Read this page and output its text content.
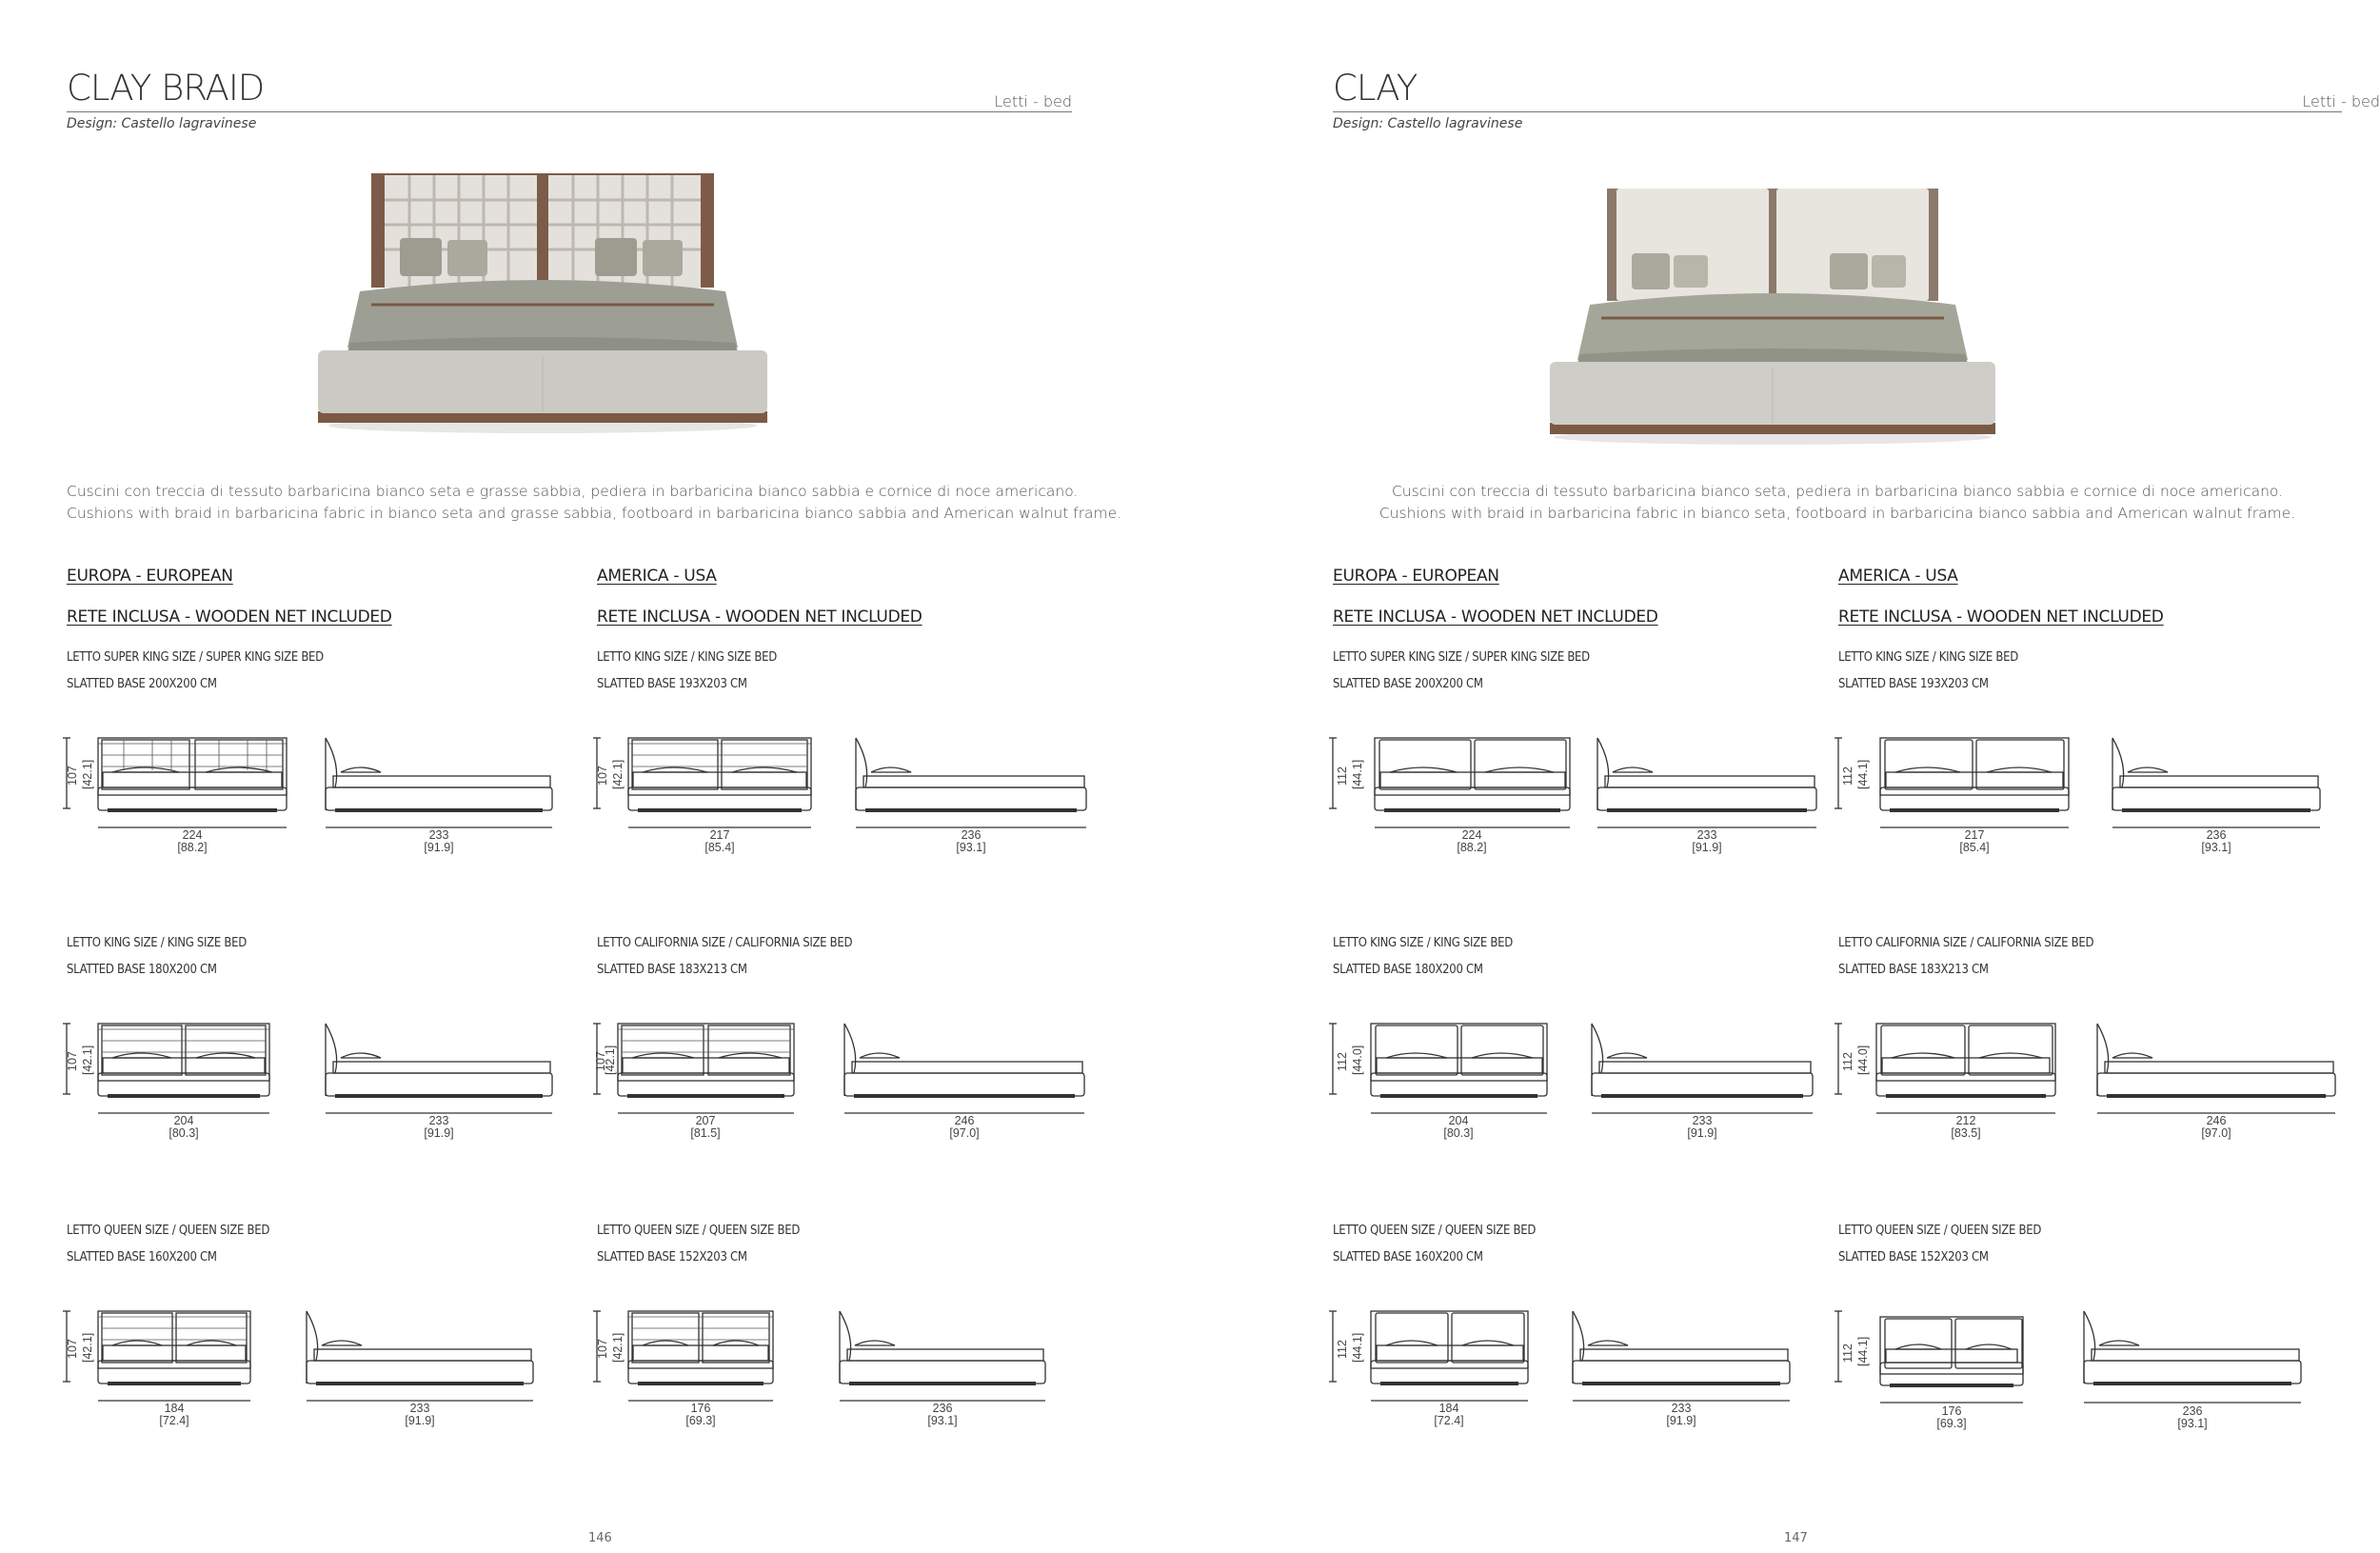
CLAY BRAID	Letti - bed
Design: Castello lagravinese
Cuscini con treccia di tessuto barbaricina bianco seta e grasse sabbia, pediera in barbaricina bianco sabbia e cornice di noce americano.
Cushions with braid in barbaricina fabric in bianco seta and grasse sabbia, footboard in barbaricina bianco sabbia and American walnut frame.
146
EUROPA - EUROPEAN
RETE INCLUSA - WOODEN NET INCLUDED
LETTO SUPER KING SIZE / SUPER KING SIZE BED
SLATTED BASE 200X200 CM
107 [42.1]
224
[88.2]
233
[91.9]
LETTO KING SIZE / KING SIZE BED
SLATTED BASE 180X200 CM
107 [42.1]
204
[80.3]
233
[91.9]
LETTO QUEEN SIZE / QUEEN SIZE BED
SLATTED BASE 160X200 CM
107 [42.1]
184
[72.4]
233
[91.9]
AMERICA - USA
RETE INCLUSA - WOODEN NET INCLUDED
LETTO KING SIZE / KING SIZE BED
SLATTED BASE 193X203 CM
107 [42.1]
217
[85.4]
236
[93.1]
LETTO CALIFORNIA SIZE / CALIFORNIA SIZE BED
SLATTED BASE 183X213 CM
107
[42.1]
207
[81.5]
246
[97.0]
LETTO QUEEN SIZE / QUEEN SIZE BED
SLATTED BASE 152X203 CM
107 [42.1]
176
[69.3]
236
[93.1]
CLAY	Letti - bed
Design: Castello lagravinese
Cuscini con treccia di tessuto barbaricina bianco seta, pediera in barbaricina bianco sabbia e cornice di noce americano.
Cushions with braid in barbaricina fabric in bianco seta, footboard in barbaricina bianco sabbia and American walnut frame.
147
EUROPA - EUROPEAN
RETE INCLUSA - WOODEN NET INCLUDED
LETTO SUPER KING SIZE / SUPER KING SIZE BED
SLATTED BASE 200X200 CM
112 [44.1]
224
[88.2]
233
[91.9]
LETTO KING SIZE / KING SIZE BED
SLATTED BASE 180X200 CM
112 [44.0]
204
[80.3]
233
[91.9]
LETTO QUEEN SIZE / QUEEN SIZE BED
SLATTED BASE 160X200 CM
112 [44.1]
184
[72.4]
233
[91.9]
AMERICA - USA
RETE INCLUSA - WOODEN NET INCLUDED
LETTO KING SIZE / KING SIZE BED
SLATTED BASE 193X203 CM
112 [44.1]
217
[85.4]
236
[93.1]
LETTO CALIFORNIA SIZE / CALIFORNIA SIZE BED
SLATTED BASE 183X213 CM
112 [44.0]
212
[83.5]
246
[97.0]
LETTO QUEEN SIZE / QUEEN SIZE BED
SLATTED BASE 152X203 CM
112 [44.1]
176
[69.3]
236
[93.1]
